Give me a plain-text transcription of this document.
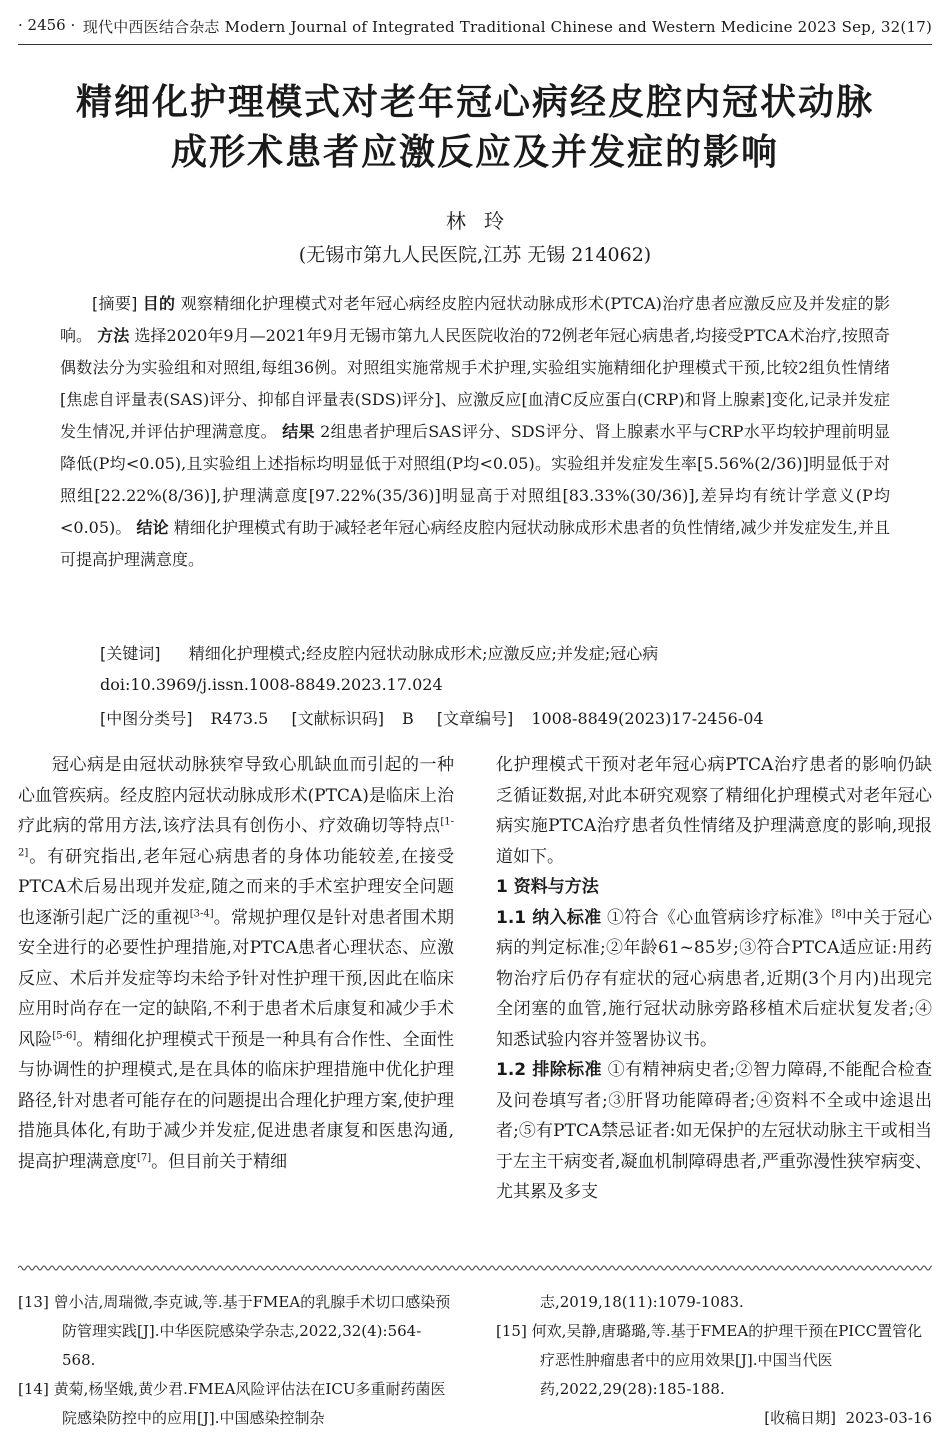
· 2456 · 现代中西医结合杂志 Modern Journal of Integrated Traditional Chinese and Western Medicine 2023 Sep, 32(17)
精细化护理模式对老年冠心病经皮腔内冠状动脉
成形术患者应激反应及并发症的影响
林玲
(无锡市第九人民医院,江苏 无锡 214062)

[摘要] 目的 观察精细化护理模式对老年冠心病经皮腔内冠状动脉成形术(PTCA)治疗患者应激反应及并发症的影响。 方法 选择2020年9月—2021年9月无锡市第九人民医院收治的72例老年冠心病患者,均接受PTCA术治疗,按照奇偶数法分为实验组和对照组,每组36例。对照组实施常规手术护理,实验组实施精细化护理模式干预,比较2组负性情绪[焦虑自评量表(SAS)评分、抑郁自评量表(SDS)评分]、应激反应[血清C反应蛋白(CRP)和肾上腺素]变化,记录并发症发生情况,并评估护理满意度。 结果 2组患者护理后SAS评分、SDS评分、肾上腺素水平与CRP水平均较护理前明显降低(P均<0.05),且实验组上述指标均明显低于对照组(P均<0.05)。实验组并发症发生率[5.56%(2/36)]明显低于对照组[22.22%(8/36)],护理满意度[97.22%(35/36)]明显高于对照组[83.33%(30/36)],差异均有统计学意义(P均<0.05)。 结论 精细化护理模式有助于减轻老年冠心病经皮腔内冠状动脉成形术患者的负性情绪,减少并发症发生,并且可提高护理满意度。

[关键词] 精细化护理模式;经皮腔内冠状动脉成形术;应激反应;并发症;冠心病
doi:10.3969/j.issn.1008-8849.2023.17.024
[中图分类号] R473.5 [文献标识码] B [文章编号] 1008-8849(2023)17-2456-04

冠心病是由冠状动脉狭窄导致心肌缺血而引起的一种心血管疾病。经皮腔内冠状动脉成形术(PTCA)是临床上治疗此病的常用方法,该疗法具有创伤小、疗效确切等特点[1-2]。有研究指出,老年冠心病患者的身体功能较差,在接受PTCA术后易出现并发症,随之而来的手术室护理安全问题也逐渐引起广泛的重视[3-4]。常规护理仅是针对患者围术期安全进行的必要性护理措施,对PTCA患者心理状态、应激反应、术后并发症等均未给予针对性护理干预,因此在临床应用时尚存在一定的缺陷,不利于患者术后康复和减少手术风险[5-6]。精细化护理模式干预是一种具有合作性、全面性与协调性的护理模式,是在具体的临床护理措施中优化护理路径,针对患者可能存在的问题提出合理化护理方案,使护理措施具体化,有助于减少并发症,促进患者康复和医患沟通,提高护理满意度[7]。但目前关于精细

化护理模式干预对老年冠心病PTCA治疗患者的影响仍缺乏循证数据,对此本研究观察了精细化护理模式对老年冠心病实施PTCA治疗患者负性情绪及护理满意度的影响,现报道如下。

1 资料与方法

1.1 纳入标准 ①符合《心血管病诊疗标准》[8]中关于冠心病的判定标准;②年龄61~85岁;③符合PTCA适应证:用药物治疗后仍存有症状的冠心病患者,近期(3个月内)出现完全闭塞的血管,施行冠状动脉旁路移植术后症状复发者;④知悉试验内容并签署协议书。

1.2 排除标准 ①有精神病史者;②智力障碍,不能配合检查及问卷填写者;③肝肾功能障碍者;④资料不全或中途退出者;⑤有PTCA禁忌证者:如无保护的左冠状动脉主干或相当于左主干病变者,凝血机制障碍患者,严重弥漫性狭窄病变、尤其累及多支

[13] 曾小洁,周瑞微,李克诚,等.基于FMEA的乳腺手术切口感染预防管理实践[J].中华医院感染学杂志,2022,32(4):564-568.

[14] 黄菊,杨坚娥,黄少君.FMEA风险评估法在ICU多重耐药菌医院感染防控中的应用[J].中国感染控制杂

志,2019,18(11):1079-1083.

[15] 何欢,吴静,唐璐璐,等.基于FMEA的护理干预在PICC置管化疗恶性肿瘤患者中的应用效果[J].中国当代医药,2022,29(28):185-188.

[收稿日期] 2023-03-16
